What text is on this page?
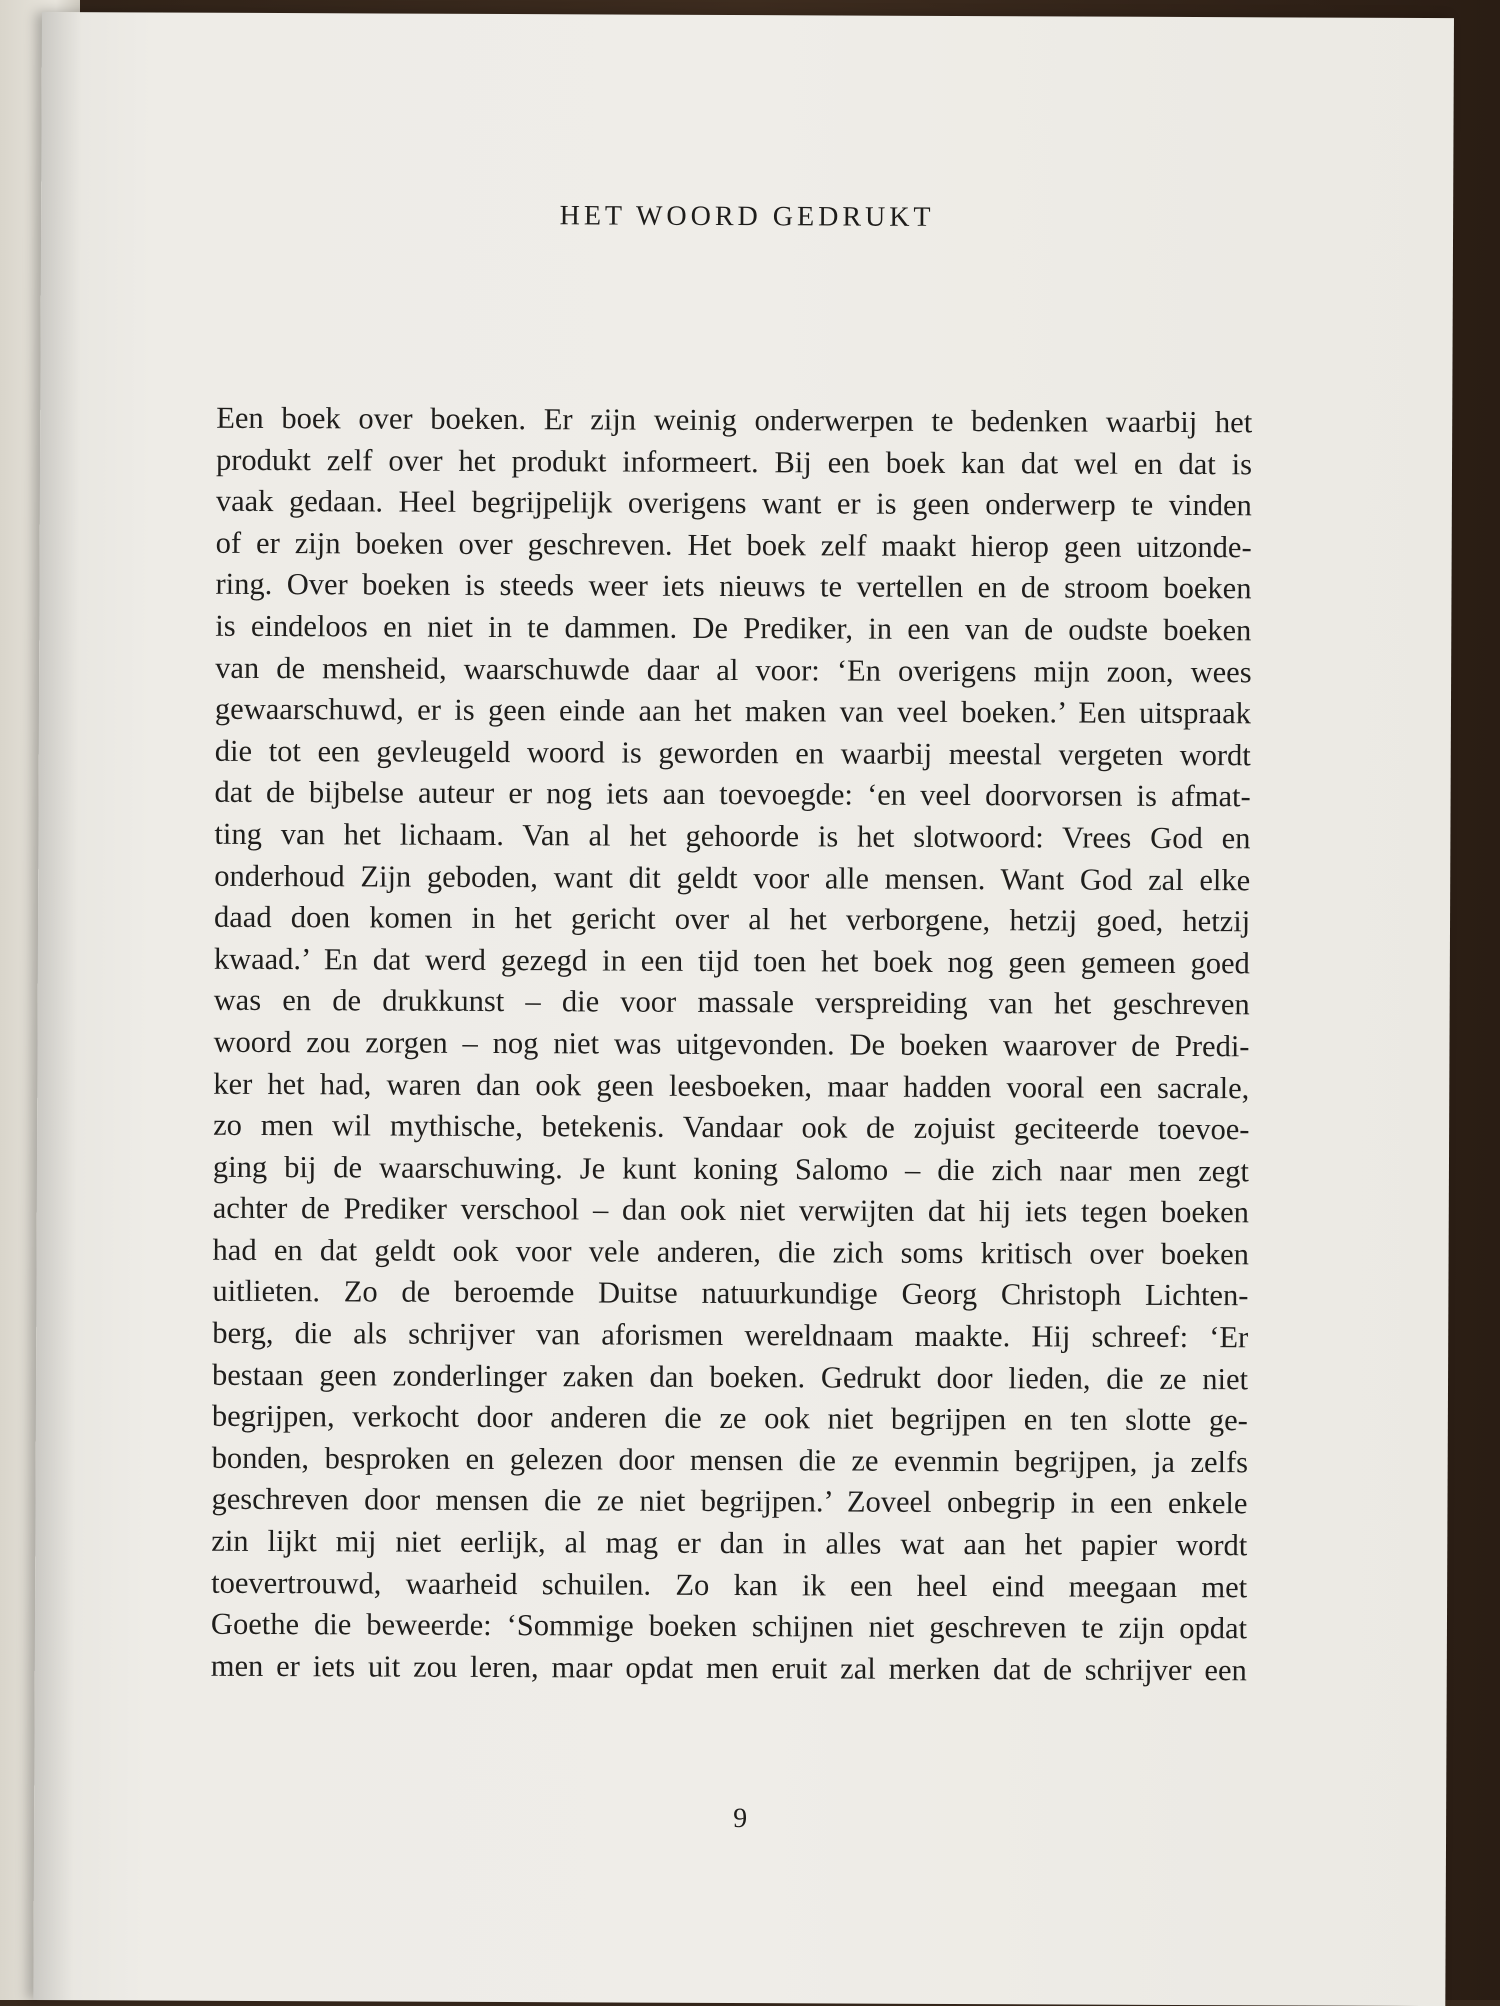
HET WOORD GEDRUKT
Een boek over boeken. Er zijn weinig onderwerpen te bedenken waarbij het
produkt zelf over het produkt informeert. Bij een boek kan dat wel en dat is
vaak gedaan. Heel begrijpelijk overigens want er is geen onderwerp te vinden
of er zijn boeken over geschreven. Het boek zelf maakt hierop geen uitzonde-
ring. Over boeken is steeds weer iets nieuws te vertellen en de stroom boeken
is eindeloos en niet in te dammen. De Prediker, in een van de oudste boeken
van de mensheid, waarschuwde daar al voor: ‘En overigens mijn zoon, wees
gewaarschuwd, er is geen einde aan het maken van veel boeken.’ Een uitspraak
die tot een gevleugeld woord is geworden en waarbij meestal vergeten wordt
dat de bijbelse auteur er nog iets aan toevoegde: ‘en veel doorvorsen is afmat-
ting van het lichaam. Van al het gehoorde is het slotwoord: Vrees God en
onderhoud Zijn geboden, want dit geldt voor alle mensen. Want God zal elke
daad doen komen in het gericht over al het verborgene, hetzij goed, hetzij
kwaad.’ En dat werd gezegd in een tijd toen het boek nog geen gemeen goed
was en de drukkunst – die voor massale verspreiding van het geschreven
woord zou zorgen – nog niet was uitgevonden. De boeken waarover de Predi-
ker het had, waren dan ook geen leesboeken, maar hadden vooral een sacrale,
zo men wil mythische, betekenis. Vandaar ook de zojuist geciteerde toevoe-
ging bij de waarschuwing. Je kunt koning Salomo – die zich naar men zegt
achter de Prediker verschool – dan ook niet verwijten dat hij iets tegen boeken
had en dat geldt ook voor vele anderen, die zich soms kritisch over boeken
uitlieten. Zo de beroemde Duitse natuurkundige Georg Christoph Lichten-
berg, die als schrijver van aforismen wereldnaam maakte. Hij schreef: ‘Er
bestaan geen zonderlinger zaken dan boeken. Gedrukt door lieden, die ze niet
begrijpen, verkocht door anderen die ze ook niet begrijpen en ten slotte ge-
bonden, besproken en gelezen door mensen die ze evenmin begrijpen, ja zelfs
geschreven door mensen die ze niet begrijpen.’ Zoveel onbegrip in een enkele
zin lijkt mij niet eerlijk, al mag er dan in alles wat aan het papier wordt
toevertrouwd, waarheid schuilen. Zo kan ik een heel eind meegaan met
Goethe die beweerde: ‘Sommige boeken schijnen niet geschreven te zijn opdat
men er iets uit zou leren, maar opdat men eruit zal merken dat de schrijver een
9
